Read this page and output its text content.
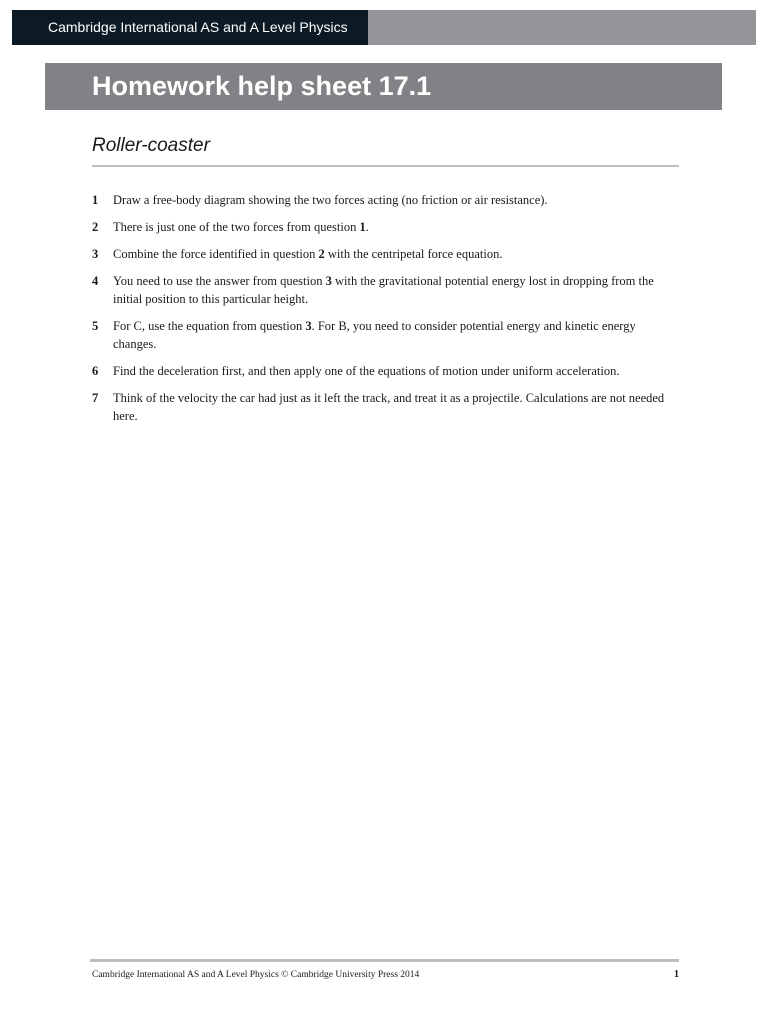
Cambridge International AS and A Level Physics
Homework help sheet 17.1
Roller-coaster
1	Draw a free-body diagram showing the two forces acting (no friction or air resistance).
2	There is just one of the two forces from question 1.
3	Combine the force identified in question 2 with the centripetal force equation.
4	You need to use the answer from question 3 with the gravitational potential energy lost in dropping from the initial position to this particular height.
5	For C, use the equation from question 3. For B, you need to consider potential energy and kinetic energy changes.
6	Find the deceleration first, and then apply one of the equations of motion under uniform acceleration.
7	Think of the velocity the car had just as it left the track, and treat it as a projectile. Calculations are not needed here.
Cambridge International AS and A Level Physics © Cambridge University Press 2014	1
